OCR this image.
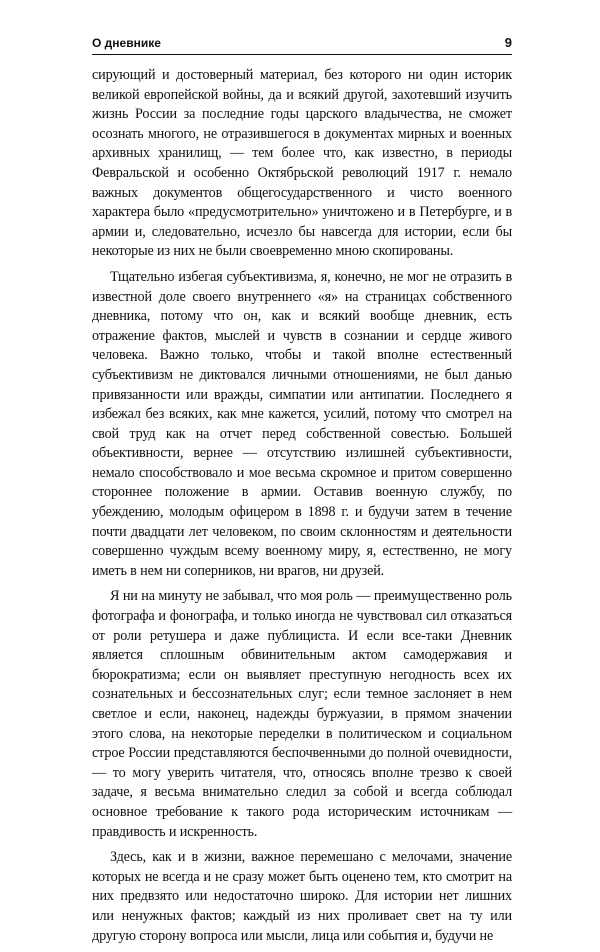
О дневнике	9

сирующий и достоверный материал, без которого ни один историк великой европейской войны, да и всякий другой, захотевший изучить жизнь России за последние годы царского владычества, не сможет осознать многого, не отразившегося в документах мирных и военных архивных хранилищ, — тем более что, как известно, в периоды Февральской и особенно Октябрьской революций 1917 г. немало важных документов общегосударственного и чисто военного характера было «предусмотрительно» уничтожено и в Петербурге, и в армии и, следовательно, исчезло бы навсегда для истории, если бы некоторые из них не были своевременно мною скопированы.

Тщательно избегая субъективизма, я, конечно, не мог не отразить в известной доле своего внутреннего «я» на страницах собственного дневника, потому что он, как и всякий вообще дневник, есть отражение фактов, мыслей и чувств в сознании и сердце живого человека. Важно только, чтобы и такой вполне естественный субъективизм не диктовался личными отношениями, не был данью привязанности или вражды, симпатии или антипатии. Последнего я избежал без всяких, как мне кажется, усилий, потому что смотрел на свой труд как на отчет перед собственной совестью. Большей объективности, вернее — отсутствию излишней субъективности, немало способствовало и мое весьма скромное и притом совершенно стороннее положение в армии. Оставив военную службу, по убеждению, молодым офицером в 1898 г. и будучи затем в течение почти двадцати лет человеком, по своим склонностям и деятельности совершенно чуждым всему военному миру, я, естественно, не могу иметь в нем ни соперников, ни врагов, ни друзей.

Я ни на минуту не забывал, что моя роль — преимущественно роль фотографа и фонографа, и только иногда не чувствовал сил отказаться от роли ретушера и даже публициста. И если все-таки Дневник является сплошным обвинительным актом самодержавия и бюрократизма; если он выявляет преступную негодность всех их сознательных и бессознательных слуг; если темное заслоняет в нем светлое и если, наконец, надежды буржуазии, в прямом значении этого слова, на некоторые переделки в политическом и социальном строе России представляются беспочвенными до полной очевидности, — то могу уверить читателя, что, относясь вполне трезво к своей задаче, я весьма внимательно следил за собой и всегда соблюдал основное требование к такого рода историческим источникам — правдивость и искренность.

Здесь, как и в жизни, важное перемешано с мелочами, значение которых не всегда и не сразу может быть оценено тем, кто смотрит на них предвзято или недостаточно широко. Для истории нет лишних или ненужных фактов; каждый из них проливает свет на ту или другую сторону вопроса или мысли, лица или события и, будучи не
